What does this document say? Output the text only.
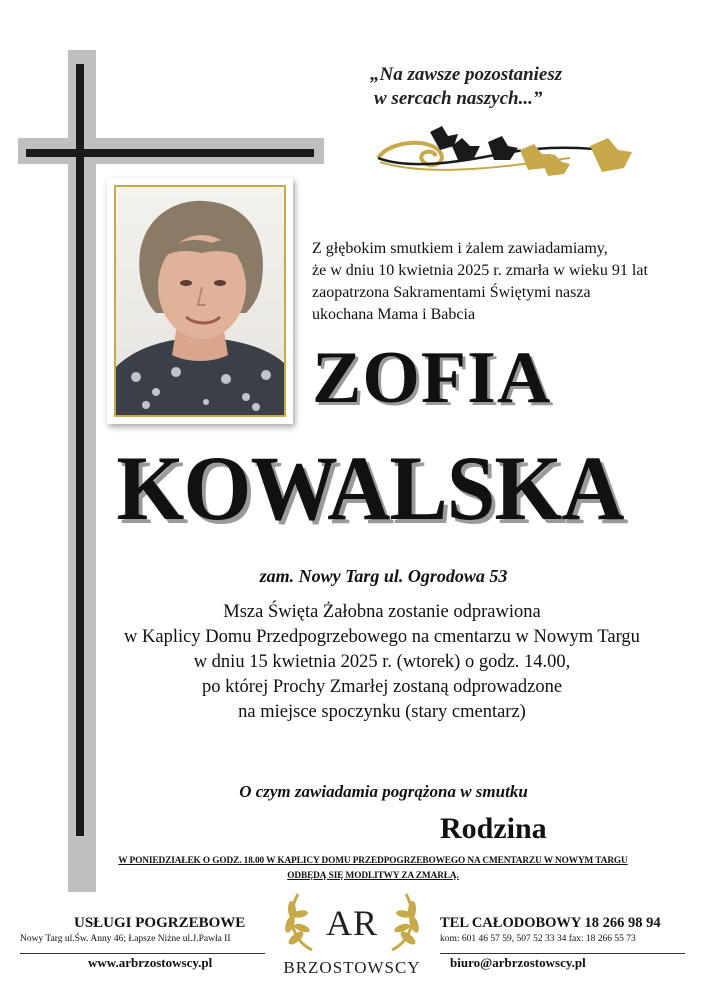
„Na zawsze pozostaniesz
w sercach naszych...”
Z głębokim smutkiem i żalem zawiadamiamy,
że w dniu 10 kwietnia 2025 r. zmarła w wieku 91 lat
zaopatrzona Sakramentami Świętymi nasza
ukochana Mama i Babcia
ZOFIA
KOWALSKA
zam. Nowy Targ ul. Ogrodowa 53
Msza Święta Żałobna zostanie odprawiona
w Kaplicy Domu Przedpogrzebowego na cmentarzu w Nowym Targu
w dniu 15 kwietnia 2025 r. (wtorek) o godz. 14.00,
po której Prochy Zmarłej zostaną odprowadzone
na miejsce spoczynku (stary cmentarz)
O czym zawiadamia pogrążona w smutku
Rodzina
W PONIEDZIAŁEK O GODZ. 18.00 W KAPLICY DOMU PRZEDPOGRZEBOWEGO NA CMENTARZU W NOWYM TARGU
ODBĘDĄ SIĘ MODLITWY ZA ZMARŁĄ.
USŁUGI POGRZEBOWE
Nowy Targ ul.Św. Anny 46; Łapsze Niżne ul.J.Pawła II
www.arbrzostowscy.pl
AR
BRZOSTOWSCY
TEL CAŁODOBOWY 18 266 98 94
kom: 601 46 57 59, 507 52 33 34 fax: 18 266 55 73
biuro@arbrzostowscy.pl
